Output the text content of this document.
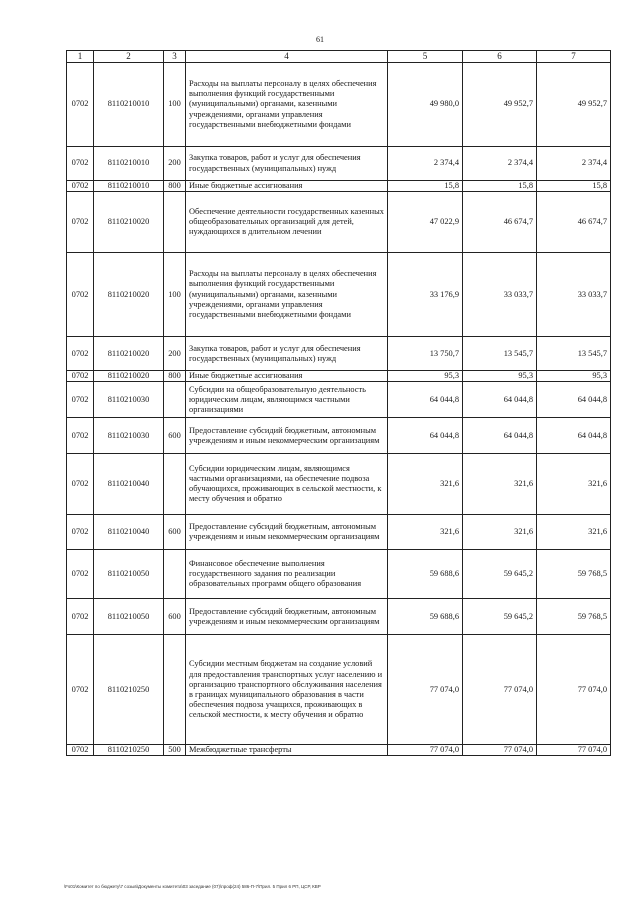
61
1	2	3	4	5	6	7
0702	8110210010	100	Расходы на выплаты персоналу в целях обеспечения выполнения функций государственными (муниципальными) органами, казенными учреждениями, органами управления государственными внебюджетными фондами	49 980,0	49 952,7	49 952,7
0702	8110210010	200	Закупка товаров, работ и услуг для обеспечения государственных (муниципальных) нужд	2 374,4	2 374,4	2 374,4
0702	8110210010	800	Иные бюджетные ассигнования	15,8	15,8	15,8
0702	8110210020		Обеспечение деятельности государственных казенных общеобразовательных организаций для детей, нуждающихся в длительном лечении	47 022,9	46 674,7	46 674,7
0702	8110210020	100	Расходы на выплаты персоналу в целях обеспечения выполнения функций государственными (муниципальными) органами, казенными учреждениями, органами управления государственными внебюджетными фондами	33 176,9	33 033,7	33 033,7
0702	8110210020	200	Закупка товаров, работ и услуг для обеспечения государственных (муниципальных) нужд	13 750,7	13 545,7	13 545,7
0702	8110210020	800	Иные бюджетные ассигнования	95,3	95,3	95,3
0702	8110210030		Субсидии на общеобразовательную деятельность юридическим лицам, являющимся частными организациями	64 044,8	64 044,8	64 044,8
0702	8110210030	600	Предоставление субсидий бюджетным, автономным учреждениям и иным некоммерческим организациям	64 044,8	64 044,8	64 044,8
0702	8110210040		Субсидии юридическим лицам, являющимся частными организациями, на обеспечение подвоза обучающихся, проживающих в сельской местности, к месту обучения и обратно	321,6	321,6	321,6
0702	8110210040	600	Предоставление субсидий бюджетным, автономным учреждениям и иным некоммерческим организациям	321,6	321,6	321,6
0702	8110210050		Финансовое обеспечение выполнения государственного задания по реализации образовательных программ общего образования	59 688,6	59 645,2	59 768,5
0702	8110210050	600	Предоставление субсидий бюджетным, автономным учреждениям и иным некоммерческим организациям	59 688,6	59 645,2	59 768,5
0702	8110210250		Субсидии местным бюджетам на создание условий для предоставления транспортных услуг населению и организацию транспортного обслуживания населения в границах муниципального образования в части обеспечения подвоза учащихся, проживающих в сельской местности, к месту обучения и обратно	77 074,0	77 074,0	77 074,0
0702	8110210250	500	Межбюджетные трансферты	77 074,0	77 074,0	77 074,0
\Fs01\Комитет по бюджету\7 созыв\Документы комитета\03 заседание (07)\проф(24) 586-П-7\Прил. 5 Прил 6 РП, ЦСР, КВР
